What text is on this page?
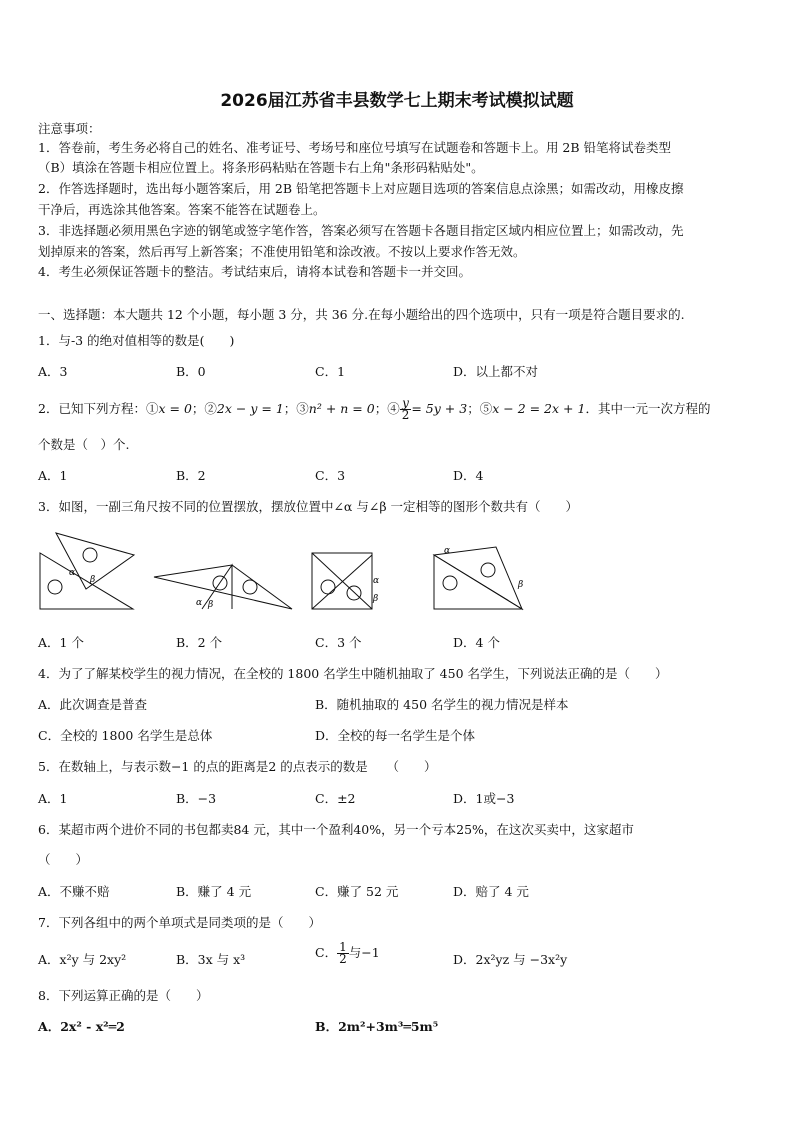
2026届江苏省丰县数学七上期末考试模拟试题
注意事项：
1．答卷前，考生务必将自己的姓名、准考证号、考场号和座位号填写在试题卷和答题卡上。用 2B 铅笔将试卷类型
（B）填涂在答题卡相应位置上。将条形码粘贴在答题卡右上角"条形码粘贴处"。
2．作答选择题时，选出每小题答案后，用 2B 铅笔把答题卡上对应题目选项的答案信息点涂黑；如需改动，用橡皮擦
干净后，再选涂其他答案。答案不能答在试题卷上。
3．非选择题必须用黑色字迹的钢笔或签字笔作答，答案必须写在答题卡各题目指定区域内相应位置上；如需改动，先
划掉原来的答案，然后再写上新答案；不准使用铅笔和涂改液。不按以上要求作答无效。
4．考生必须保证答题卡的整洁。考试结束后，请将本试卷和答题卡一并交回。
一、选择题：本大题共 12 个小题，每小题 3 分，共 36 分.在每小题给出的四个选项中，只有一项是符合题目要求的.
1．与-3 的绝对值相等的数是(　　)
A．3	B．0	C．1	D．以上都不对
2．已知下列方程：①x = 0；②2x − y = 1；③n² + n = 0；④ $\frac{y}{2} = 5y + 3$；⑤x − 2 = 2x + 1．其中一元一次方程的
个数是（　）个.
A．1	B．2	C．3	D．4
3．如图，一副三角尺按不同的位置摆放，摆放位置中∠α 与∠β 一定相等的图形个数共有（　　）
α
β
α β
α
β
α
β
A．1 个	B．2 个	C．3 个	D．4 个
4．为了了解某校学生的视力情况，在全校的 1800 名学生中随机抽取了 450 名学生，下列说法正确的是（　　）
A．此次调查是普查	B．随机抽取的 450 名学生的视力情况是样本
C．全校的 1800 名学生是总体	D．全校的每一名学生是个体
5．在数轴上，与表示数−1 的点的距离是2 的点表示的数是　　（　　）
A．1	B．−3	C．±2	D．1或−3
6．某超市两个进价不同的书包都卖84 元，其中一个盈利40%，另一个亏本25%，在这次买卖中，这家超市
（　　）
A．不赚不赔	B．赚了 4 元	C．赚了 52 元	D．赔了 4 元
7．下列各组中的两个单项式是同类项的是（　　）
A．x²y 与 2xy²	B．3x 与 x³	C． $\frac{1}{2}$ 与−1	D．2x²yz 与 −3x²y
8．下列运算正确的是（　　）
A．2x² - x²═2	B．2m²+3m³═5m⁵
